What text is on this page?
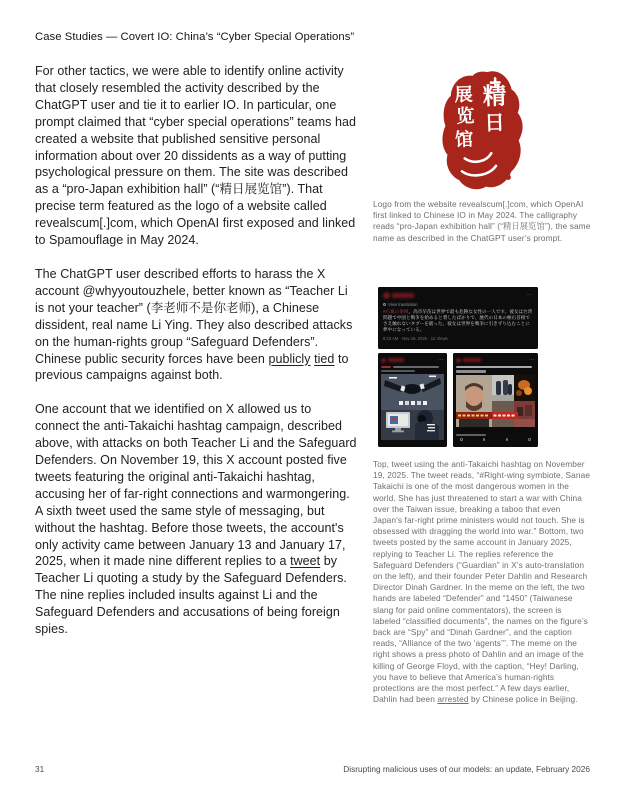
Case Studies — Covert IO: China’s “Cyber Special Operations”

For other tactics, we were able to identify online activity that closely resembled the activity described by the ChatGPT user and tie it to earlier IO. In particular, one prompt claimed that “cyber special operations” teams had created a website that published sensitive personal information about over 20 dissidents as a way of putting psychological pressure on them. The site was described as a “pro-Japan exhibition hall” (“精日展览馆”). That precise term featured as the logo of a website called revealscum[.]com, which OpenAI first exposed and linked to Spamouflage in May 2024.

The ChatGPT user described efforts to harass the X account @whyyoutouzhele, better known as “Teacher Li is not your teacher” (李老师不是你老师), a Chinese dissident, real name Li Ying. They also described attacks on the human-rights group “Safeguard Defenders”. Chinese public security forces have been publicly tied to previous campaigns against both.

One account that we identified on X allowed us to connect the anti-Takaichi hashtag campaign, described above, with attacks on both Teacher Li and the Safeguard Defenders. On November 19, this X account posted five tweets featuring the original anti-Takaichi hashtag, accusing her of far-right connections and warmongering. A sixth tweet used the same style of messaging, but without the hashtag. Before those tweets, the account's only activity came between January 13 and January 17, 2025, when it made nine different replies to a tweet by Teacher Li quoting a study by the Safeguard Defenders. The nine replies included insults against Li and the Safeguard Defenders and accusations of being foreign spies.

精
日
展
览
馆
Logo from the website revealscum[.]com, which OpenAI first linked to Chinese IO in May 2024. The calligraphy reads “pro-Japan exhibition hall” (“精日展览馆”), the same name as described in the ChatGPT user’s prompt.
⋯
View translation
#右翼の象徴、高市早苗は世界で最も危険な女性の一人です。彼女は台湾問題で中国と戦争を始めると脅したばかりで、歴代の日本の極右首相でさえ触れないタブーを破った。彼女は世界を戦争に引きずり込むことに夢中になっている。
8:23 AM · Nov 19, 2025 · 12 Views
⋯	⋯
Top, tweet using the anti-Takaichi hashtag on November 19, 2025. The tweet reads, “#Right-wing symbiote, Sanae Takaichi is one of the most dangerous women in the world. She has just threatened to start a war with China over the Taiwan issue, breaking a taboo that even Japan’s far-right prime ministers would not touch. She is obsessed with dragging the world into war.” Bottom, two tweets posted by the same account in January 2025, replying to Teacher Li. The replies reference the Safeguard Defenders (“Guardian” in X’s auto-translation on the left), and their founder Peter Dahlin and Research Director Dinah Gardner. In the meme on the left, the two hands are labeled “Defender” and “1450” (Taiwanese slang for paid online commentators), the screen is labeled “classified documents”, the names on the figure’s back are “Spy” and “Dinah Gardner”, and the caption reads, “Alliance of the two ‘agents’”. The meme on the right shows a press photo of Dahlin and an image of the killing of George Floyd, with the caption, “Hey! Darling, you have to believe that America’s human-rights protections are the most perfect.” A few days earlier, Dahlin had been arrested by Chinese police in Beijing.
31	Disrupting malicious uses of our models: an update, February 2026
